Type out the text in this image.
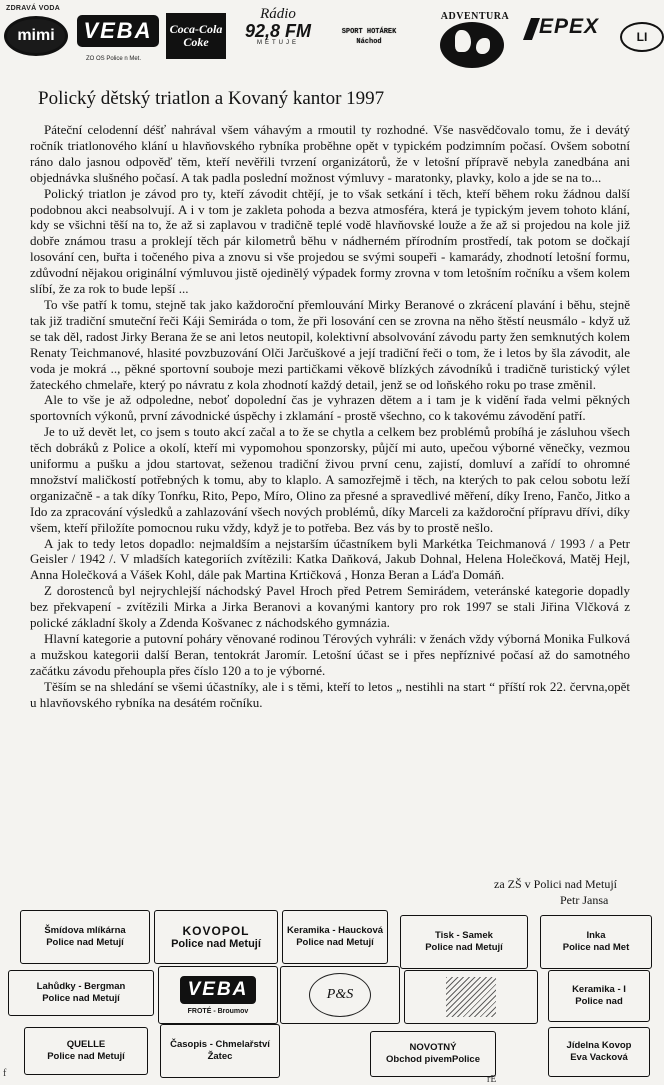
ZDRAVÁ VODA
mimi	VEBA
ZO OS Police n Met.
Coca-Cola
Coke
Rádio
92,8 FM
METUJE
SPORT HOTÁREK
Náchod
ADVENTURA	EPEX	LI
Polický dětský triatlon a Kovaný kantor 1997

Páteční celodenní déšť nahrával všem váhavým a rmoutil ty rozhodné. Vše nasvědčovalo tomu, že i devátý ročník triatlonového klání u hlavňovského rybníka proběhne opět v typickém podzimním počasí. Ovšem sobotní ráno dalo jasnou odpověď těm, kteří nevěřili tvrzení organizátorů, že v letošní přípravě nebyla zanedbána ani objednávka slušného počasí. A tak padla poslední možnost výmluvy - maratonky, plavky, kolo a jde se na to...

Polický triatlon je závod pro ty, kteří závodit chtějí, je to však setkání i těch, kteří během roku žádnou další podobnou akci neabsolvují. A i v tom je zakleta pohoda a bezva atmosféra, která je typickým jevem tohoto klání, kdy se všichni těší na to, že až si zaplavou v tradičně teplé vodě hlavňovské louže a že až si projedou na kole již dobře známou trasu a proklejí těch pár kilometrů běhu v nádherném přírodním prostředí, tak potom se dočkají losování cen, buřta i točeného piva a znovu si vše projedou se svými soupeři - kamarády, zhodnotí letošní formu, zdůvodní nějakou originální výmluvou jistě ojedinělý výpadek formy zrovna v tom letošním ročníku a všem kolem slíbí, že za rok to bude lepší ...

To vše patří k tomu, stejně tak jako každoroční přemlouvání Mirky Beranové o zkrácení plavání i běhu, stejně tak již tradiční smuteční řeči Káji Semiráda o tom, že při losování cen se zrovna na něho štěstí neusmálo - když už se tak děl, radost Jirky Berana že se ani letos neutopil, kolektivní absolvování závodu party žen semknutých kolem Renaty Teichmanové, hlasité povzbuzování Olči Jarčuškové a její tradiční řeči o tom, že i letos by šla závodit, ale voda je mokrá .., pěkné sportovní souboje mezi partičkami věkově blízkých závodníků i tradičně turistický výlet žateckého chmelaře, který po návratu z kola zhodnotí každý detail, jenž se od loňského roku po trase změnil.

Ale to vše je až odpoledne, neboť dopolední čas je vyhrazen dětem a i tam je k vidění řada velmi pěkných sportovních výkonů, první závodnické úspěchy i zklamání - prostě všechno, co k takovému závodění patří.

Je to už devět let, co jsem s touto akcí začal a to že se chytla a celkem bez problémů probíhá je zásluhou všech těch dobráků z Police a okolí, kteří mi vypomohou sponzorsky, půjčí mi auto, upečou výborné věnečky, vezmou uniformu a pušku a jdou startovat, seženou tradiční živou první cenu, zajistí, domluví a zařídí to ohromné množství maličkostí potřebných k tomu, aby to klaplo. A samozřejmě i těch, na kterých to pak celou sobotu leží organizačně - a tak díky Tonŕku, Rito, Pepo, Míro, Olino za přesné a spravedlivé měření, díky Ireno, Fančo, Jitko a Ido za zpracování výsledků a zahlazování všech nových problémů, díky Marceli za každoroční přípravu dřívi, díky všem, kteří přiložíte pomocnou ruku vždy, když je to potřeba. Bez vás by to prostě nešlo.

A jak to tedy letos dopadlo: nejmaldším a nejstarším účastníkem byli Markétka Teichmanová / 1993 / a Petr Geisler / 1942 /. V mladších kategoriích zvítězili: Katka Daňková, Jakub Dohnal, Helena Holečková, Matěj Hejl, Anna Holečková a Vášek Kohl, dále pak Martina Krtičková , Honza Beran a Láďa Domáň.

Z dorostenců byl nejrychlejší náchodský Pavel Hroch před Petrem Semirádem, veteránské kategorie dopadly bez překvapení - zvítězili Mirka a Jirka Beranovi a kovanými kantory pro rok 1997 se stali Jiřina Vlčková z polické základní školy a Zdenda Košvanec z náchodského gymnázia.

Hlavní kategorie a putovní poháry věnované rodinou Térových vyhráli: v ženách vždy výborná Monika Fulková a mužskou kategorii další Beran, tentokrát Jaromír. Letošní účast se i přes nepříznivé počasí až do samotného začátku závodu přehoupla přes číslo 120 a to je výborné.

Těším se na shledání se všemi účastníky, ale i s těmi, kteří to letos „ nestihli na start “ příští rok 22. června,opět u hlavňovského rybníka na desátém ročníku.

za ZŠ v Polici nad Metují
Petr Jansa
Šmídova mlíkárna
Police nad Metují
KOVOPOL
Police nad Metují
Keramika - Haucková
Police nad Metují
Tisk - Samek
Police nad Metují
Inka
Police nad Met
Lahůdky - Bergman
Police nad Metují	VEBA
FROTÉ - Broumov
P&S	Keramika - I
Police nad
QUELLE
Police nad Metují
Časopis - Chmelařství
Žatec
NOVOTNÝ
Obchod pivemPolice
Jídelna Kovop
Eva Vacková
f
rE
